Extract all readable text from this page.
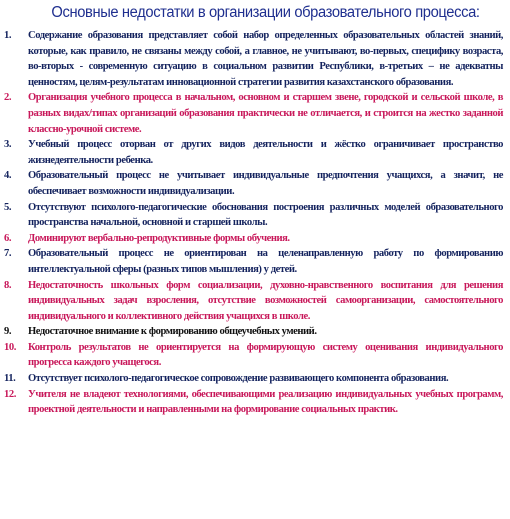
Основные недостатки в организации образовательного процесса:
1.	Содержание образования представляет собой набор определенных образовательных областей знаний, которые, как правило, не связаны между собой, а главное, не учитывают, во-первых, специфику возраста, во-вторых - современную ситуацию в социальном развитии Республики, в-третьих – не адекватны ценностям, целям-результатам инновационной стратегии развития казахстанского образования.
2.	Организация учебного процесса в начальном, основном и старшем звене, городской и сельской школе, в разных видах/типах организаций образования практически не отличается, и строится на жестко заданной классно-урочной системе.
3.	Учебный процесс оторван от других видов деятельности и жёстко ограничивает пространство жизнедеятельности ребенка.
4.	Образовательный процесс не учитывает индивидуальные предпочтения учащихся, а значит, не обеспечивает возможности индивидуализации.
5.	Отсутствуют психолого-педагогические обоснования построения различных моделей образовательного пространства начальной, основной и старшей школы.
6.	Доминируют вербально-репродуктивные формы обучения.
7.	Образовательный процесс не ориентирован на целенаправленную работу по формированию интеллектуальной сферы (разных типов мышления) у детей.
8.	Недостаточность школьных форм социализации, духовно-нравственного воспитания для решения индивидуальных задач взросления, отсутствие возможностей самоорганизации, самостоятельного индивидуального и коллективного действия учащихся в школе.
9.	Недостаточное внимание к формированию общеучебных умений.
10.	Контроль результатов не ориентируется на формирующую систему оценивания индивидуального прогресса каждого учащегося.
11.	Отсутствует психолого-педагогическое сопровождение развивающего компонента образования.
12.	Учителя не владеют технологиями, обеспечивающими реализацию индивидуальных учебных программ, проектной деятельности и направленными на формирование социальных практик.
